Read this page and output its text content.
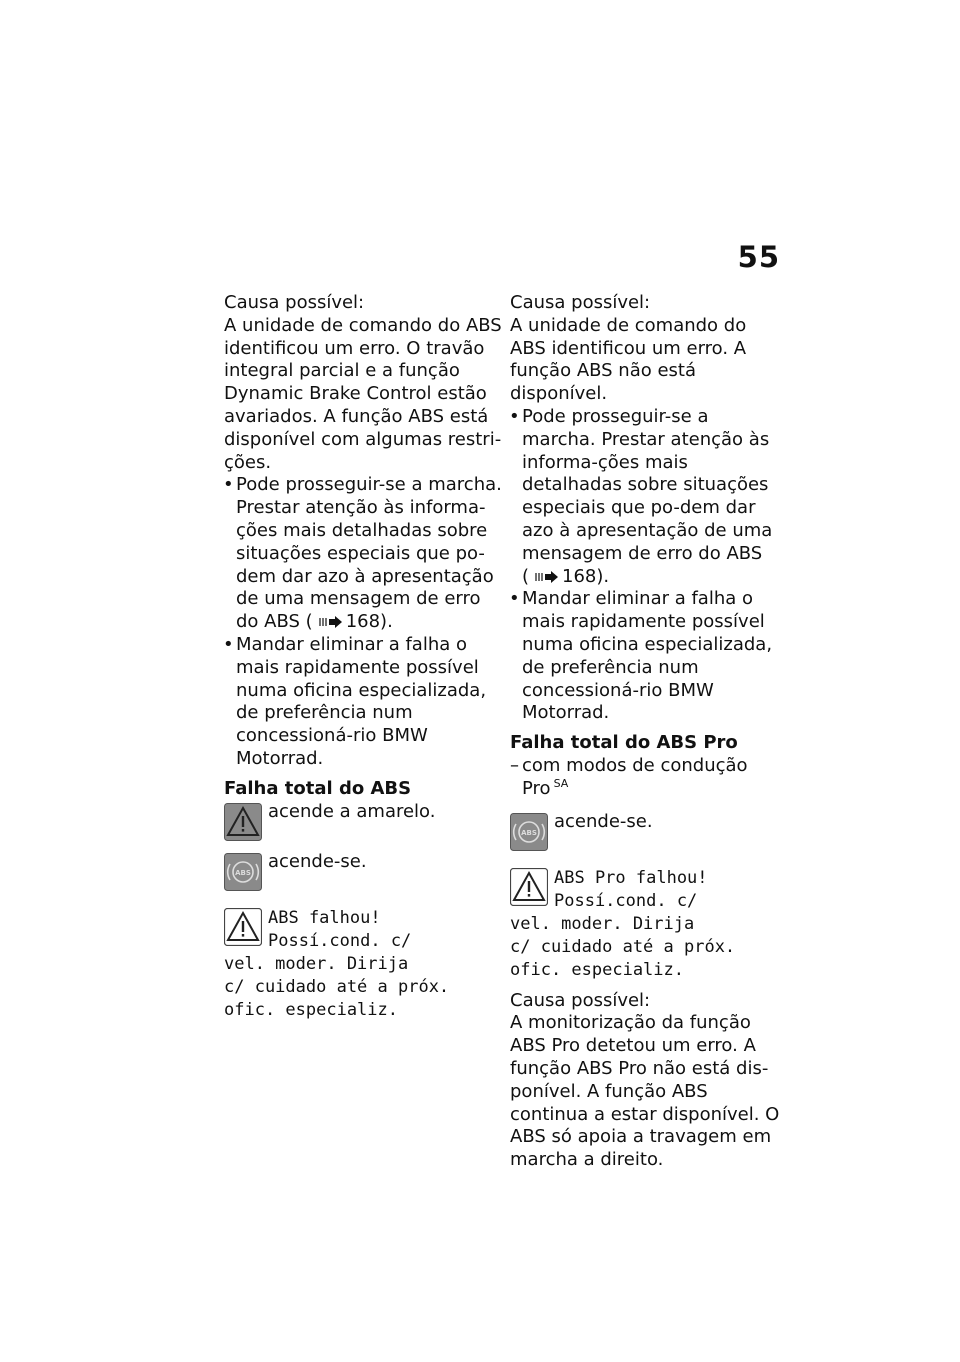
55

Causa possível:

A unidade de comando do ABS identificou um erro. O travão integral parcial e a função Dynamic Brake Control estão avariados. A função ABS está disponível com algumas restri-ções.

• Pode prosseguir-se a marcha. Prestar atenção às informa-ções mais detalhadas sobre situações especiais que po-dem dar azo à apresentação de uma mensagem de erro do ABS ( 168).
• Mandar eliminar a falha o mais rapidamente possível numa oficina especializada, de preferência num concessioná-rio BMW Motorrad.

Falha total do ABS

acende a amarelo.
ABS
acende-se.
ABS falhou!
Possí.cond. c/
vel. moder. Dirija
c/ cuidado até a próx.
ofic. especializ.

Causa possível:

A unidade de comando do ABS identificou um erro. A função ABS não está disponível.

• Pode prosseguir-se a marcha. Prestar atenção às informa-ções mais detalhadas sobre situações especiais que po-dem dar azo à apresentação de uma mensagem de erro do ABS ( 168).
• Mandar eliminar a falha o mais rapidamente possível numa oficina especializada, de preferência num concessioná-rio BMW Motorrad.

Falha total do ABS Pro

– com modos de condução Pro $^{SA}$
ABS
acende-se.
ABS Pro falhou!
Possí.cond. c/
vel. moder. Dirija
c/ cuidado até a próx.
ofic. especializ.

Causa possível:

A monitorização da função ABS Pro detetou um erro. A função ABS Pro não está dis-ponível. A função ABS continua a estar disponível. O ABS só apoia a travagem em marcha a direito.
